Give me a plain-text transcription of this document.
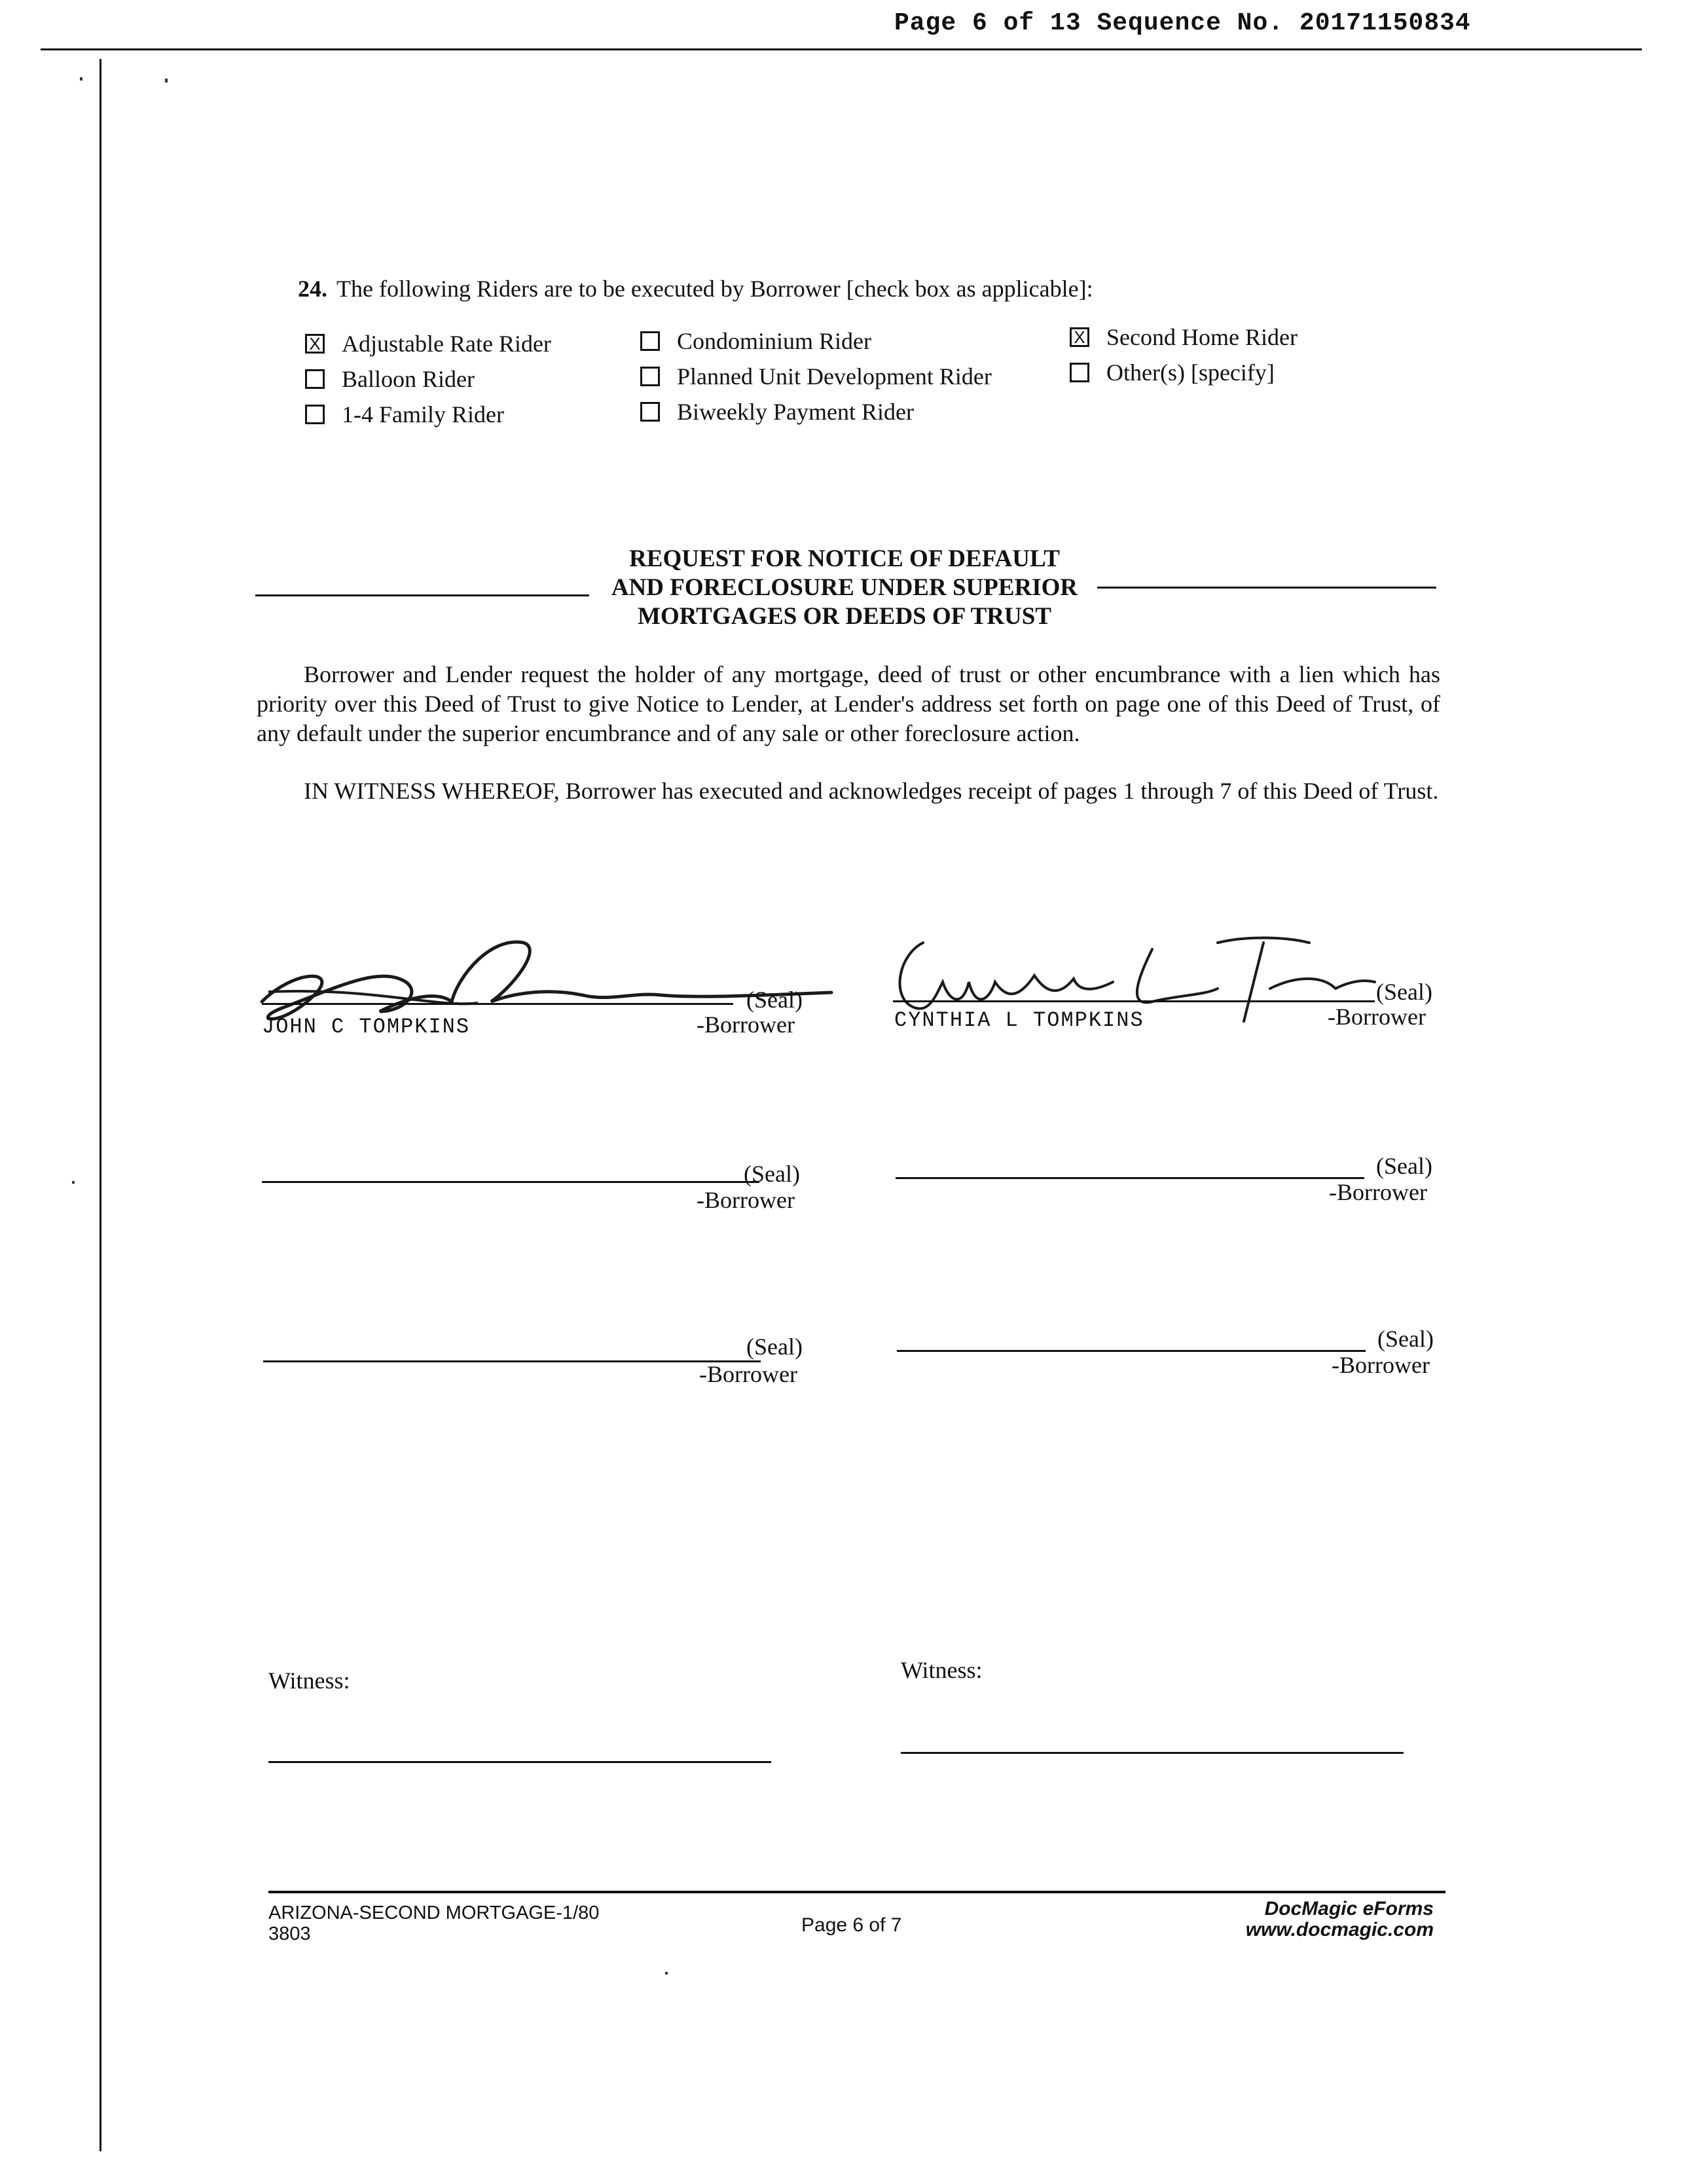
Page 6 of 13 Sequence No. 20171150834
24. The following Riders are to be executed by Borrower [check box as applicable]:
X Adjustable Rate Rider
Balloon Rider
1-4 Family Rider
Condominium Rider
Planned Unit Development Rider
Biweekly Payment Rider
X Second Home Rider
Other(s) [specify]
REQUEST FOR NOTICE OF DEFAULT
AND FORECLOSURE UNDER SUPERIOR
MORTGAGES OR DEEDS OF TRUST
Borrower and Lender request the holder of any mortgage, deed of trust or other encumbrance with a lien which has priority over this Deed of Trust to give Notice to Lender, at Lender's address set forth on page one of this Deed of Trust, of any default under the superior encumbrance and of any sale or other foreclosure action.
IN WITNESS WHEREOF, Borrower has executed and acknowledges receipt of pages 1 through 7 of this Deed of Trust.
(Seal)
JOHN C TOMPKINS	-Borrower
(Seal)
CYNTHIA L TOMPKINS	-Borrower
(Seal)
-Borrower
(Seal)
-Borrower
(Seal)
-Borrower
(Seal)
-Borrower
Witness:	Witness:
ARIZONA-SECOND MORTGAGE-1/80
3803	Page 6 of 7
DocMagic eForms
www.docmagic.com
